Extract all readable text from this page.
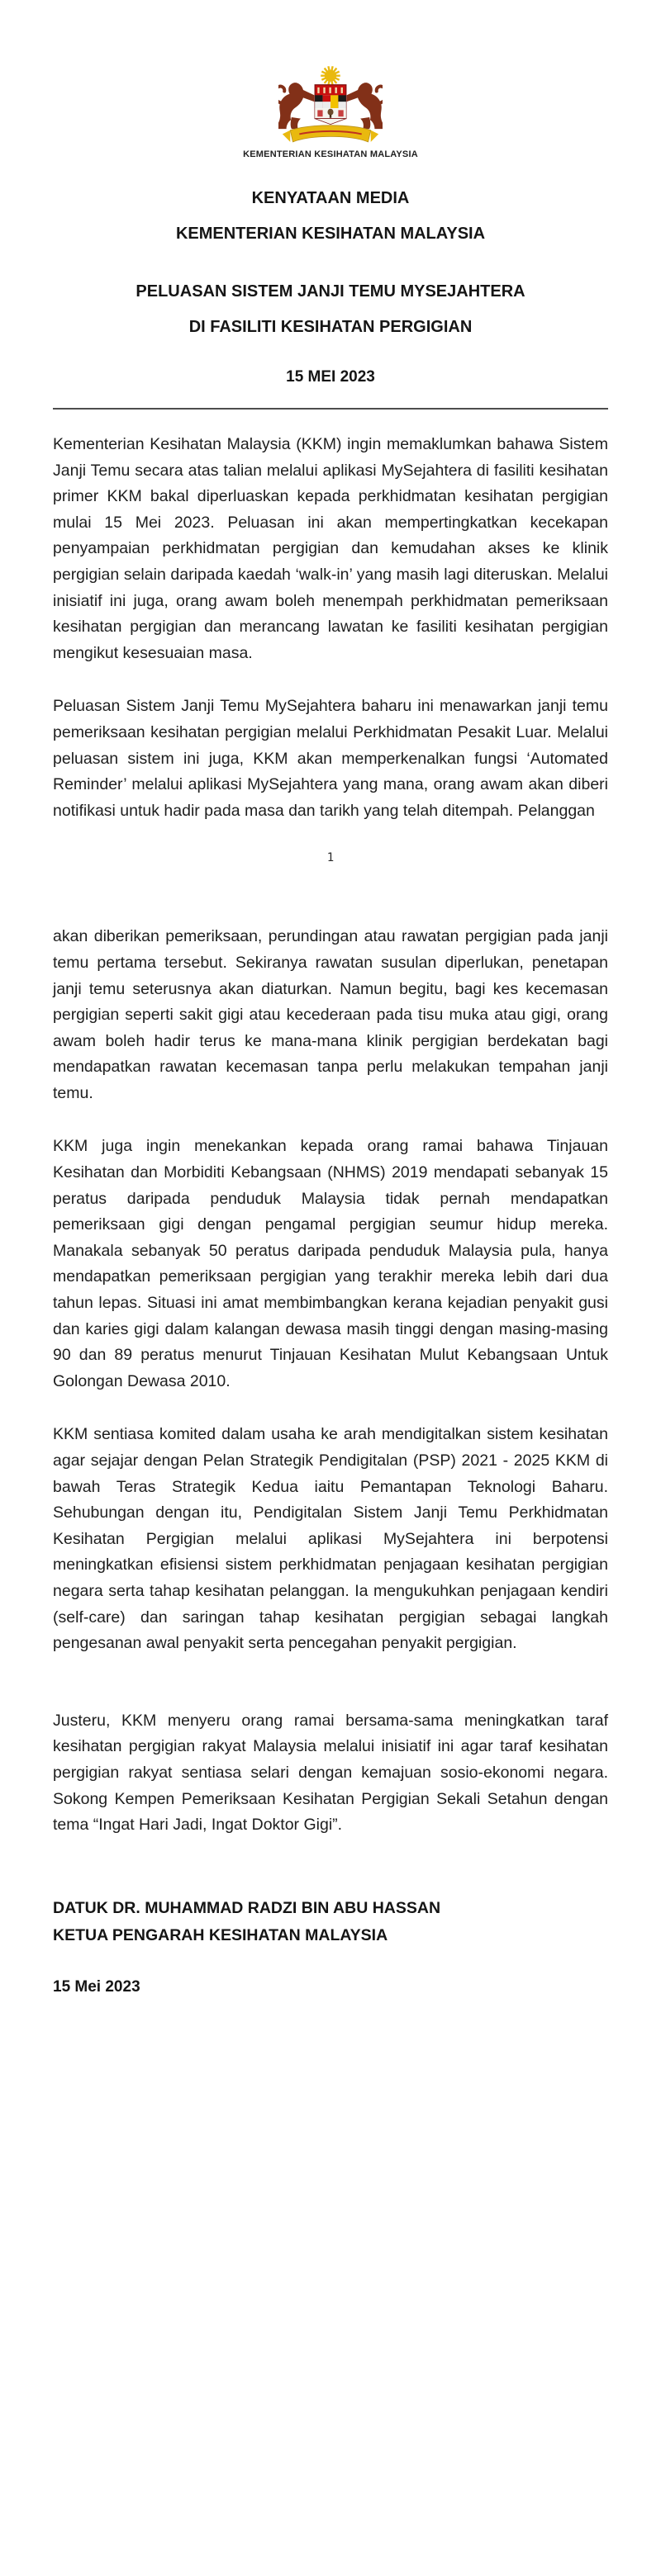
KEMENTERIAN KESIHATAN MALAYSIA
KENYATAAN MEDIA
KEMENTERIAN KESIHATAN MALAYSIA
PELUASAN SISTEM JANJI TEMU MYSEJAHTERA
DI FASILITI KESIHATAN PERGIGIAN
15 MEI 2023

Kementerian Kesihatan Malaysia (KKM) ingin memaklumkan bahawa Sistem Janji Temu secara atas talian melalui aplikasi MySejahtera di fasiliti kesihatan primer KKM bakal diperluaskan kepada perkhidmatan kesihatan pergigian mulai 15 Mei 2023. Peluasan ini akan mempertingkatkan kecekapan penyampaian perkhidmatan pergigian dan kemudahan akses ke klinik pergigian selain daripada kaedah ‘walk-in’ yang masih lagi diteruskan. Melalui inisiatif ini juga, orang awam boleh menempah perkhidmatan pemeriksaan kesihatan pergigian dan merancang lawatan ke fasiliti kesihatan pergigian mengikut kesesuaian masa.

Peluasan Sistem Janji Temu MySejahtera baharu ini menawarkan janji temu pemeriksaan kesihatan pergigian melalui Perkhidmatan Pesakit Luar. Melalui peluasan sistem ini juga, KKM akan memperkenalkan fungsi ‘Automated Reminder’ melalui aplikasi MySejahtera yang mana, orang awam akan diberi notifikasi untuk hadir pada masa dan tarikh yang telah ditempah. Pelanggan

1

akan diberikan pemeriksaan, perundingan atau rawatan pergigian pada janji temu pertama tersebut. Sekiranya rawatan susulan diperlukan, penetapan janji temu seterusnya akan diaturkan. Namun begitu, bagi kes kecemasan pergigian seperti sakit gigi atau kecederaan pada tisu muka atau gigi, orang awam boleh hadir terus ke mana-mana klinik pergigian berdekatan bagi mendapatkan rawatan kecemasan tanpa perlu melakukan tempahan janji temu.

KKM juga ingin menekankan kepada orang ramai bahawa Tinjauan Kesihatan dan Morbiditi Kebangsaan (NHMS) 2019 mendapati sebanyak 15 peratus daripada penduduk Malaysia tidak pernah mendapatkan pemeriksaan gigi dengan pengamal pergigian seumur hidup mereka. Manakala sebanyak 50 peratus daripada penduduk Malaysia pula, hanya mendapatkan pemeriksaan pergigian yang terakhir mereka lebih dari dua tahun lepas. Situasi ini amat membimbangkan kerana kejadian penyakit gusi dan karies gigi dalam kalangan dewasa masih tinggi dengan masing-masing 90 dan 89 peratus menurut Tinjauan Kesihatan Mulut Kebangsaan Untuk Golongan Dewasa 2010.

KKM sentiasa komited dalam usaha ke arah mendigitalkan sistem kesihatan agar sejajar dengan Pelan Strategik Pendigitalan (PSP) 2021 - 2025 KKM di bawah Teras Strategik Kedua iaitu Pemantapan Teknologi Baharu. Sehubungan dengan itu, Pendigitalan Sistem Janji Temu Perkhidmatan Kesihatan Pergigian melalui aplikasi MySejahtera ini berpotensi meningkatkan efisiensi sistem perkhidmatan penjagaan kesihatan pergigian negara serta tahap kesihatan pelanggan. Ia mengukuhkan penjagaan kendiri (self-care) dan saringan tahap kesihatan pergigian sebagai langkah pengesanan awal penyakit serta pencegahan penyakit pergigian.

Justeru, KKM menyeru orang ramai bersama-sama meningkatkan taraf kesihatan pergigian rakyat Malaysia melalui inisiatif ini agar taraf kesihatan pergigian rakyat sentiasa selari dengan kemajuan sosio-ekonomi negara. Sokong Kempen Pemeriksaan Kesihatan Pergigian Sekali Setahun dengan tema “Ingat Hari Jadi, Ingat Doktor Gigi”.

DATUK DR. MUHAMMAD RADZI BIN ABU HASSAN
KETUA PENGARAH KESIHATAN MALAYSIA
15 Mei 2023
